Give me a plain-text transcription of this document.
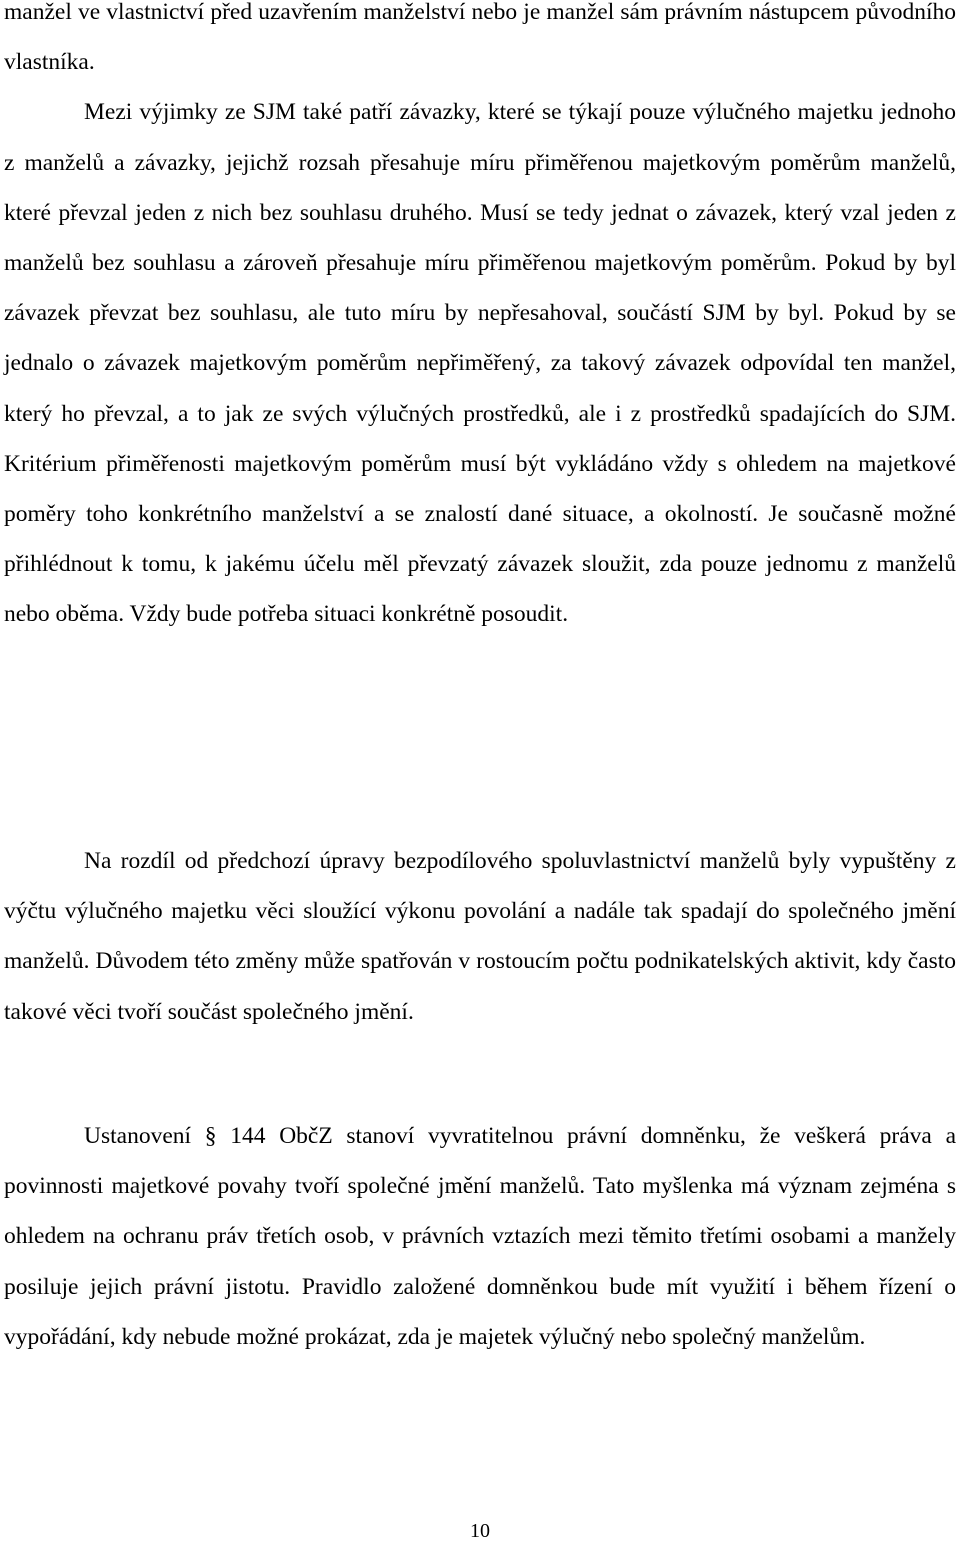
manžel ve vlastnictví před uzavřením manželství nebo je manžel sám právním nástupcem původního vlastníka.

Mezi výjimky ze SJM také patří závazky, které se týkají pouze výlučného majetku jednoho z manželů a závazky, jejichž rozsah přesahuje míru přiměřenou majetkovým poměrům manželů, které převzal jeden z nich bez souhlasu druhého. Musí se tedy jednat o závazek, který vzal jeden z manželů bez souhlasu a zároveň přesahuje míru přiměřenou majetkovým poměrům. Pokud by byl závazek převzat bez souhlasu, ale tuto míru by nepřesahoval, součástí SJM by byl. Pokud by se jednalo o závazek majetkovým poměrům nepřiměřený, za takový závazek odpovídal ten manžel, který ho převzal, a to jak ze svých výlučných prostředků, ale i z prostředků spadajících do SJM. Kritérium přiměřenosti majetkovým poměrům musí být vykládáno vždy s ohledem na majetkové poměry toho konkrétního manželství a se znalostí dané situace, a okolností. Je současně možné přihlédnout k tomu, k jakému účelu měl převzatý závazek sloužit, zda pouze jednomu z manželů nebo oběma. Vždy bude potřeba situaci konkrétně posoudit.

Na rozdíl od předchozí úpravy bezpodílového spoluvlastnictví manželů byly vypuštěny z výčtu výlučného majetku věci sloužící výkonu povolání a nadále tak spadají do společného jmění manželů. Důvodem této změny může spatřován v rostoucím počtu podnikatelských aktivit, kdy často takové věci tvoří součást společného jmění.

Ustanovení § 144 ObčZ stanoví vyvratitelnou právní domněnku, že veškerá práva a povinnosti majetkové povahy tvoří společné jmění manželů. Tato myšlenka má význam zejména s ohledem na ochranu práv třetích osob, v právních vztazích mezi těmito třetími osobami a manžely posiluje jejich právní jistotu. Pravidlo založené domněnkou bude mít využití i během řízení o vypořádání, kdy nebude možné prokázat, zda je majetek výlučný nebo společný manželům.

10
